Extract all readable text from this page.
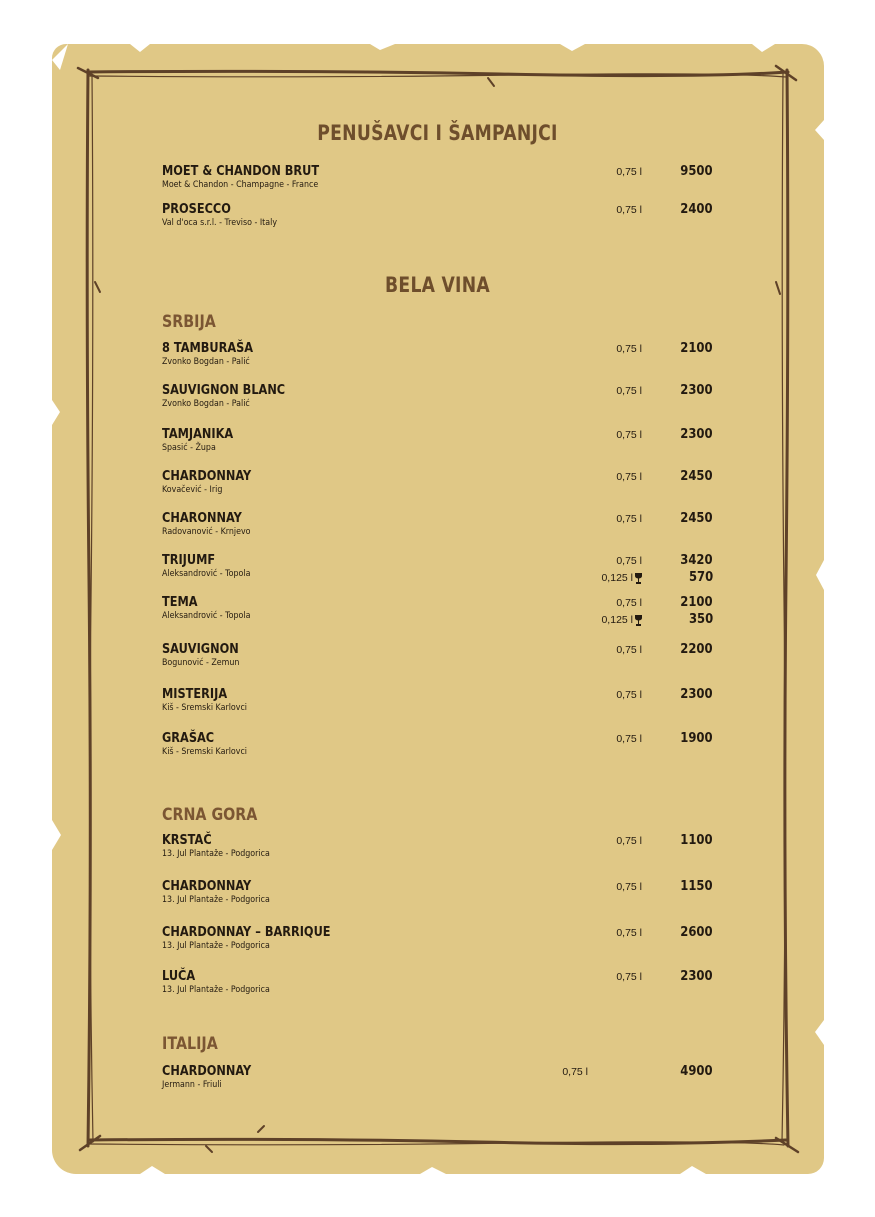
PENUŠAVCI I ŠAMPANJCI
MOET & CHANDON BRUT
Moet & Chandon - Champagne - France
0,75 l	9500
PROSECCO
Val d'oca s.r.l. - Treviso - Italy
0,75 l	2400
BELA VINA
SRBIJA
8 TAMBURAŠA
Zvonko Bogdan - Palić
0,75 l	2100
SAUVIGNON BLANC
Zvonko Bogdan - Palić
0,75 l	2300
TAMJANIKA
Spasić - Župa
0,75 l	2300
CHARDONNAY
Kovačević - Irig
0,75 l	2450
CHARONNAY
Radovanović - Krnjevo
0,75 l	2450
TRIJUMF
Aleksandrović - Topola
0,75 l	3420
0,125 l	570
TEMA
Aleksandrović - Topola
0,75 l	2100
0,125 l	350
SAUVIGNON
Bogunović - Zemun
0,75 l	2200
MISTERIJA
Kiš - Sremski Karlovci
0,75 l	2300
GRAŠAC
Kiš - Sremski Karlovci
0,75 l	1900
CRNA GORA
KRSTAČ
13. Jul Plantaže - Podgorica
0,75 l	1100
CHARDONNAY
13. Jul Plantaže - Podgorica
0,75 l	1150
CHARDONNAY – BARRIQUE
13. Jul Plantaže - Podgorica
0,75 l	2600
LUČA
13. Jul Plantaže - Podgorica
0,75 l	2300
ITALIJA
CHARDONNAY
Jermann - Friuli
0,75 l	4900
